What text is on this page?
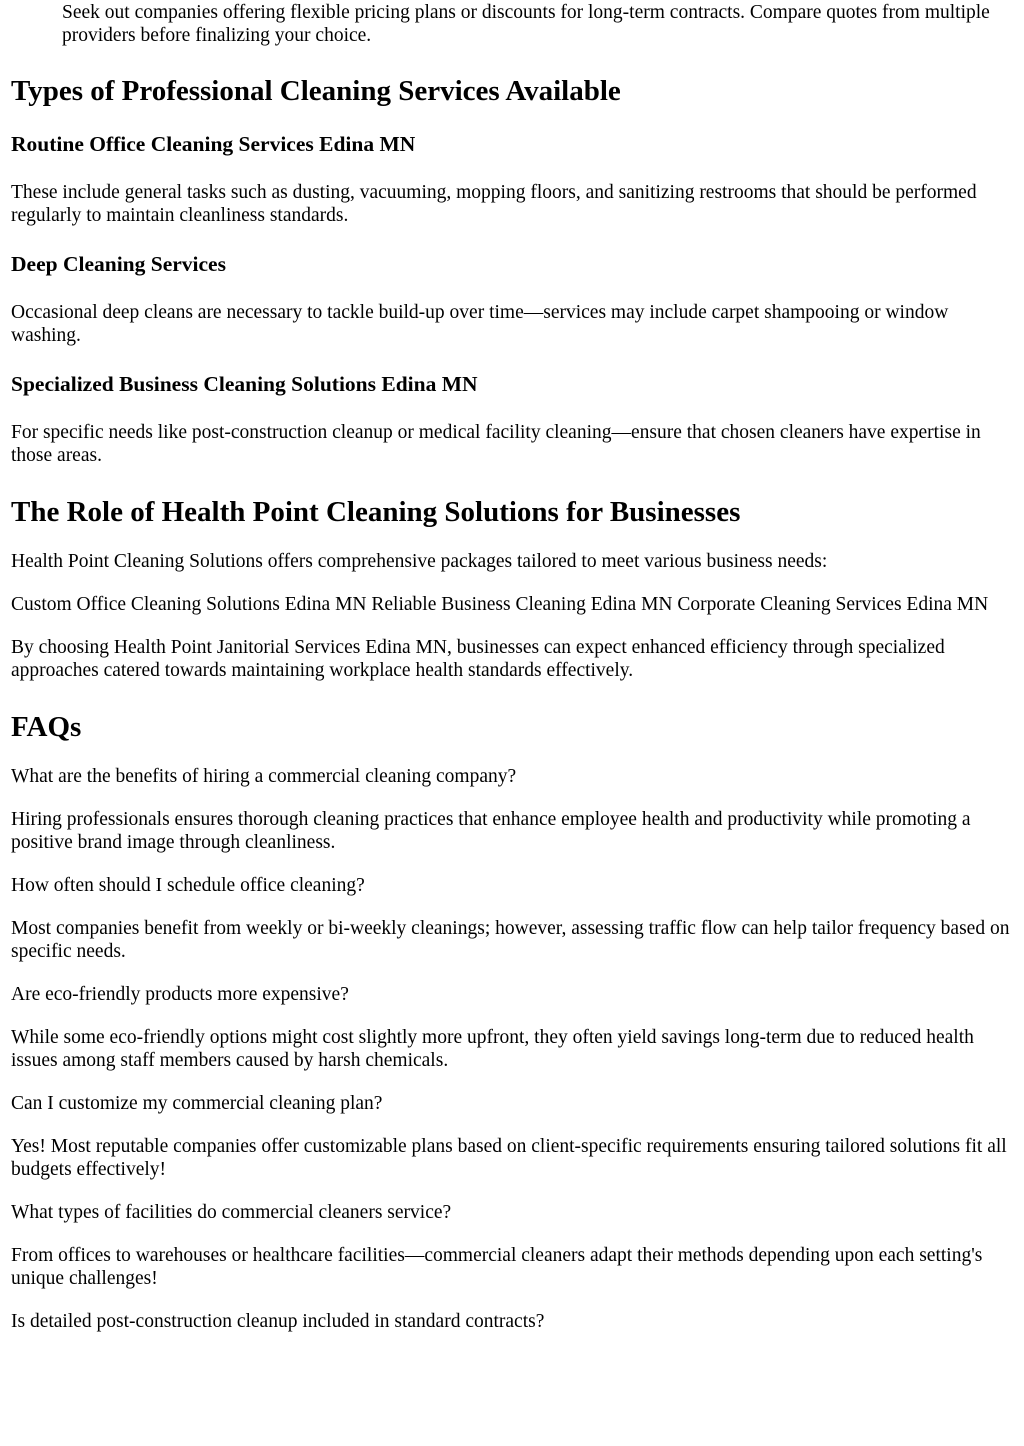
Seek out companies offering flexible pricing plans or discounts for long-term contracts. Compare quotes from multiple providers before finalizing your choice.

Types of Professional Cleaning Services Available
Routine Office Cleaning Services Edina MN

These include general tasks such as dusting, vacuuming, mopping floors, and sanitizing restrooms that should be performed regularly to maintain cleanliness standards.

Deep Cleaning Services

Occasional deep cleans are necessary to tackle build-up over time—services may include carpet shampooing or window washing.

Specialized Business Cleaning Solutions Edina MN

For specific needs like post-construction cleanup or medical facility cleaning—ensure that chosen cleaners have expertise in those areas.

The Role of Health Point Cleaning Solutions for Businesses

Health Point Cleaning Solutions offers comprehensive packages tailored to meet various business needs:

Custom Office Cleaning Solutions Edina MN Reliable Business Cleaning Edina MN Corporate Cleaning Services Edina MN

By choosing Health Point Janitorial Services Edina MN, businesses can expect enhanced efficiency through specialized approaches catered towards maintaining workplace health standards effectively.

FAQs

What are the benefits of hiring a commercial cleaning company?

Hiring professionals ensures thorough cleaning practices that enhance employee health and productivity while promoting a positive brand image through cleanliness.

How often should I schedule office cleaning?

Most companies benefit from weekly or bi-weekly cleanings; however, assessing traffic flow can help tailor frequency based on specific needs.

Are eco-friendly products more expensive?

While some eco-friendly options might cost slightly more upfront, they often yield savings long-term due to reduced health issues among staff members caused by harsh chemicals.

Can I customize my commercial cleaning plan?

Yes! Most reputable companies offer customizable plans based on client-specific requirements ensuring tailored solutions fit all budgets effectively!

What types of facilities do commercial cleaners service?

From offices to warehouses or healthcare facilities—commercial cleaners adapt their methods depending upon each setting's unique challenges!

Is detailed post-construction cleanup included in standard contracts?
